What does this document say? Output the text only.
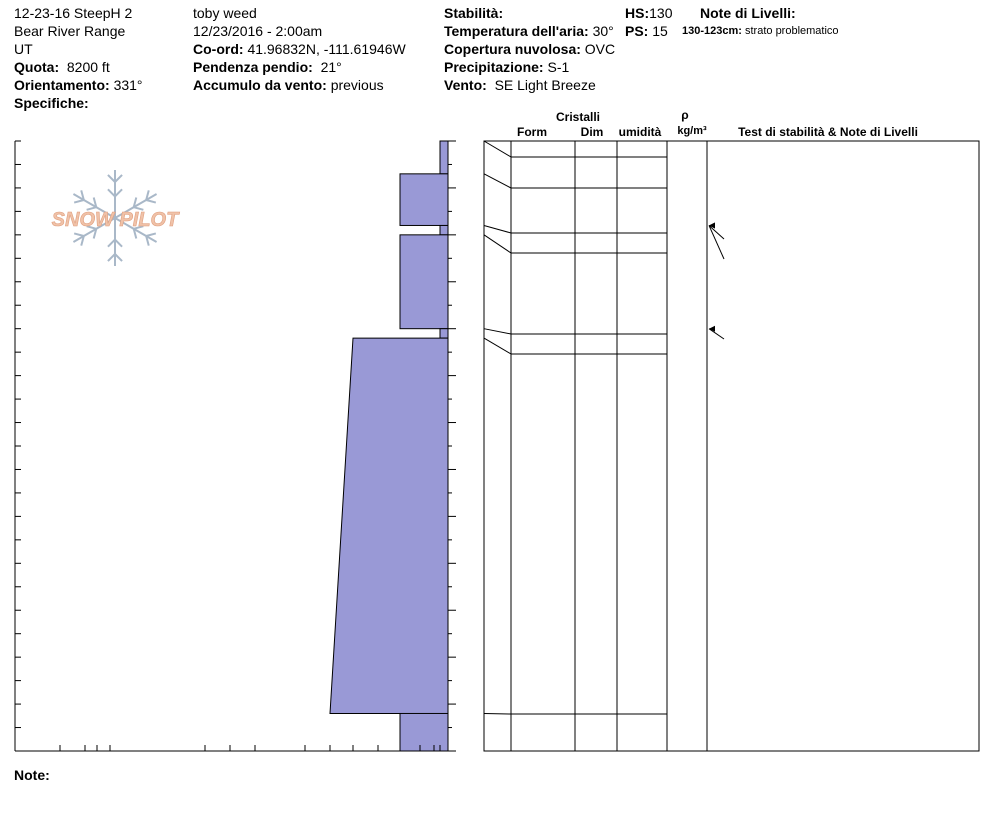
12-23-16 SteepH 2
Bear River Range
UT
Quota: 8200 ft
Orientamento: 331°
Specifiche:
toby weed
12/23/2016 - 2:00am
Co-ord: 41.96832N, -111.61946W
Pendenza pendio: 21°
Accumulo da vento: previous
Stabilità:
Temperatura dell'aria: 30°
Copertura nuvolosa: OVC
Precipitazione: S-1
Vento: SE Light Breeze
HS:130
PS: 15
Note di Livelli:
130-123cm: strato problematico
Note:
SNOW PILOT
Cristalli
Form	Dim umidità
ρ
kg/m³	Test di stabilità & Note di Livelli
